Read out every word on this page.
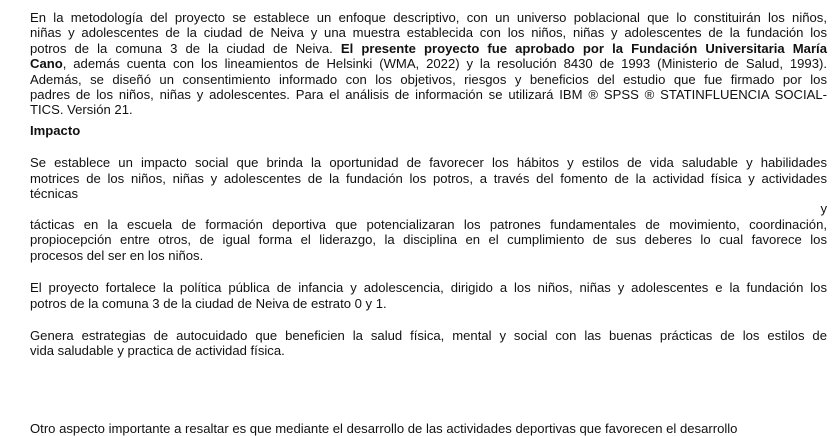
En la metodología del proyecto se establece un enfoque descriptivo, con un universo poblacional que lo constituirán los niños,
niñas y adolescentes de la ciudad de Neiva y una muestra establecida con los niños, niñas y adolescentes de la fundación los
potros de la comuna 3 de la ciudad de Neiva. El presente proyecto fue aprobado por la Fundación Universitaria María
Cano, además cuenta con los lineamientos de Helsinki (WMA, 2022) y la resolución 8430 de 1993 (Ministerio de Salud, 1993).
Además, se diseñó un consentimiento informado con los objetivos, riesgos y beneficios del estudio que fue firmado por los
padres de los niños, niñas y adolescentes. Para el análisis de información se utilizará IBM ® SPSS ® STATINFLUENCIA SOCIAL-
TICS. Versión 21.
Impacto
Se establece un impacto social que brinda la oportunidad de favorecer los hábitos y estilos de vida saludable y habilidades
motrices de los niños, niñas y adolescentes de la fundación los potros, a través del fomento de la actividad física y actividades
técnicas
y
tácticas en la escuela de formación deportiva que potencializaran los patrones fundamentales de movimiento, coordinación,
propiocepción entre otros, de igual forma el liderazgo, la disciplina en el cumplimiento de sus deberes lo cual favorece los
procesos del ser en los niños.
El proyecto fortalece la política pública de infancia y adolescencia, dirigido a los niños, niñas y adolescentes e la fundación los
potros de la comuna 3 de la ciudad de Neiva de estrato 0 y 1.
Genera estrategias de autocuidado que beneficien la salud física, mental y social con las buenas prácticas de los estilos de
vida saludable y practica de actividad física.
Otro aspecto importante a resaltar es que mediante el desarrollo de las actividades deportivas que favorecen el desarrollo
